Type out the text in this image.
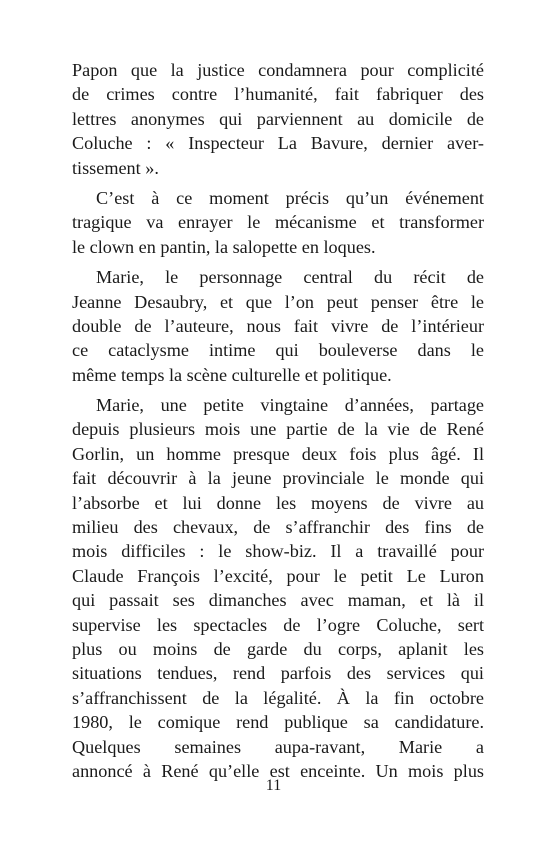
Papon que la justice condamnera pour complicité
de crimes contre l’humanité, fait fabriquer des
lettres anonymes qui parviennent au domicile de
Coluche : « Inspecteur La Bavure, dernier aver-
tissement ».
C’est à ce moment précis qu’un événement
tragique va enrayer le mécanisme et transformer
le clown en pantin, la salopette en loques.
Marie, le personnage central du récit de
Jeanne Desaubry, et que l’on peut penser être le
double de l’auteure, nous fait vivre de l’intérieur
ce cataclysme intime qui bouleverse dans le
même temps la scène culturelle et politique.
Marie, une petite vingtaine d’années, partage
depuis plusieurs mois une partie de la vie de René
Gorlin, un homme presque deux fois plus âgé. Il
fait découvrir à la jeune provinciale le monde qui
l’absorbe et lui donne les moyens de vivre au
milieu des chevaux, de s’affranchir des fins de
mois difficiles : le show-biz. Il a travaillé pour
Claude François l’excité, pour le petit Le Luron
qui passait ses dimanches avec maman, et là il
supervise les spectacles de l’ogre Coluche, sert
plus ou moins de garde du corps, aplanit les
situations tendues, rend parfois des services qui
s’affranchissent de la légalité. À la fin octobre
1980, le comique rend publique sa candidature.
Quelques semaines aupa-ravant, Marie a
annoncé à René qu’elle est enceinte. Un mois plus
11
